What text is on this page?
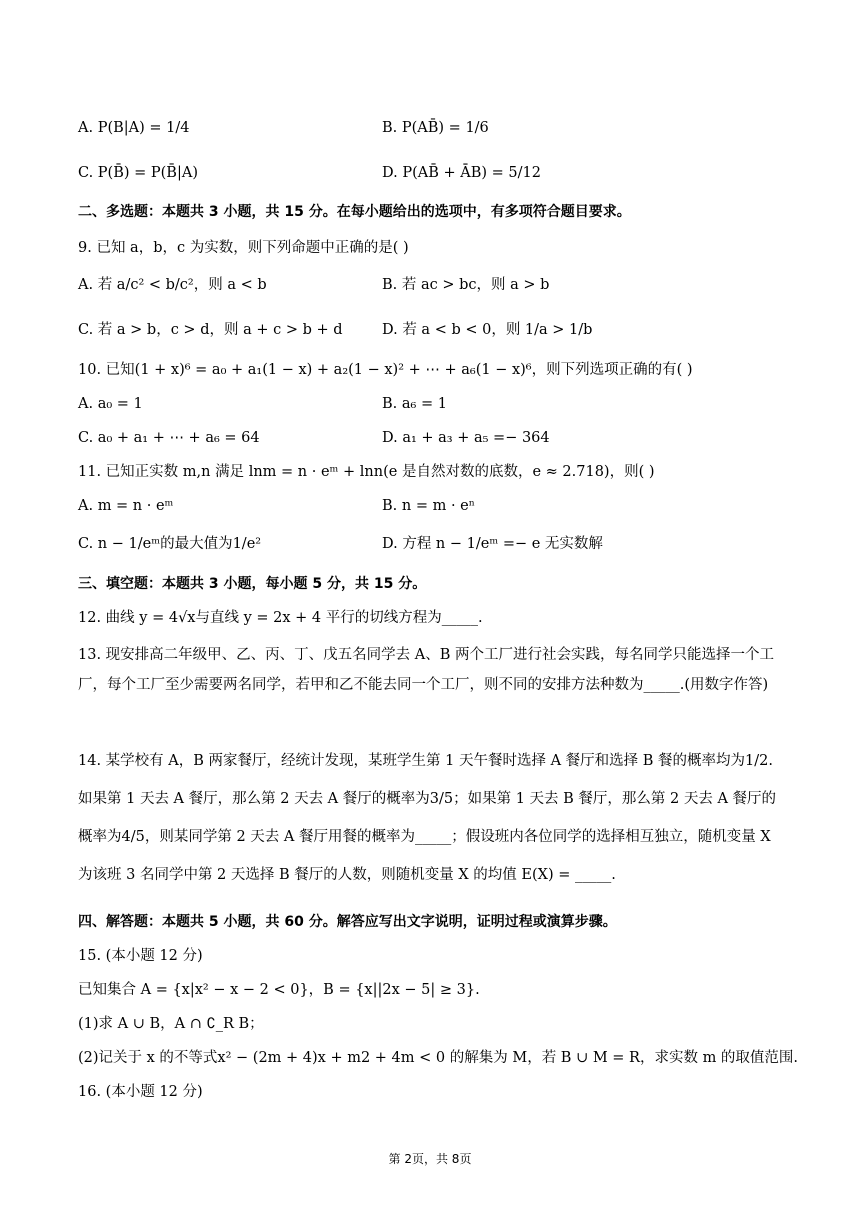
A. P(B|A) = 1/4	B. P(AB̄) = 1/6
C. P(B̄) = P(B̄|A)	D. P(AB̄ + ĀB) = 5/12
二、多选题：本题共 3 小题，共 15 分。在每小题给出的选项中，有多项符合题目要求。
9. 已知 a，b，c 为实数，则下列命题中正确的是( )
A. 若 a/c² < b/c²，则 a < b	B. 若 ac > bc，则 a > b
C. 若 a > b，c > d，则 a + c > b + d	D. 若 a < b < 0，则 1/a > 1/b
10. 已知(1 + x)⁶ = a₀ + a₁(1 − x) + a₂(1 − x)² + ⋯ + a₆(1 − x)⁶，则下列选项正确的有( )
A. a₀ = 1	B. a₆ = 1
C. a₀ + a₁ + ⋯ + a₆ = 64	D. a₁ + a₃ + a₅ =− 364
11. 已知正实数 m,n 满足 lnm = n · eᵐ + lnn(e 是自然对数的底数，e ≈ 2.718)，则( )
A. m = n · eᵐ	B. n = m · eⁿ
C. n − 1/eᵐ的最大值为1/e²	D. 方程 n − 1/eᵐ =− e 无实数解
三、填空题：本题共 3 小题，每小题 5 分，共 15 分。
12. 曲线 y = 4√x与直线 y = 2x + 4 平行的切线方程为_____.
13. 现安排高二年级甲、乙、丙、丁、戊五名同学去 A、B 两个工厂进行社会实践，每名同学只能选择一个工厂，每个工厂至少需要两名同学，若甲和乙不能去同一个工厂，则不同的安排方法种数为_____.(用数字作答)
14. 某学校有 A，B 两家餐厅，经统计发现，某班学生第 1 天午餐时选择 A 餐厅和选择 B 餐的概率均为1/2. 如果第 1 天去 A 餐厅，那么第 2 天去 A 餐厅的概率为3/5；如果第 1 天去 B 餐厅，那么第 2 天去 A 餐厅的概率为4/5，则某同学第 2 天去 A 餐厅用餐的概率为_____；假设班内各位同学的选择相互独立，随机变量 X 为该班 3 名同学中第 2 天选择 B 餐厅的人数，则随机变量 X 的均值 E(X) = _____.
四、解答题：本题共 5 小题，共 60 分。解答应写出文字说明，证明过程或演算步骤。
15. (本小题 12 分)
已知集合 A = {x|x² − x − 2 < 0}，B = {x||2x − 5| ≥ 3}.
(1)求 A ∪ B，A ∩ ∁_R B；
(2)记关于 x 的不等式x² − (2m + 4)x + m2 + 4m < 0 的解集为 M，若 B ∪ M = R，求实数 m 的取值范围.
16. (本小题 12 分)
第 2页，共 8页
